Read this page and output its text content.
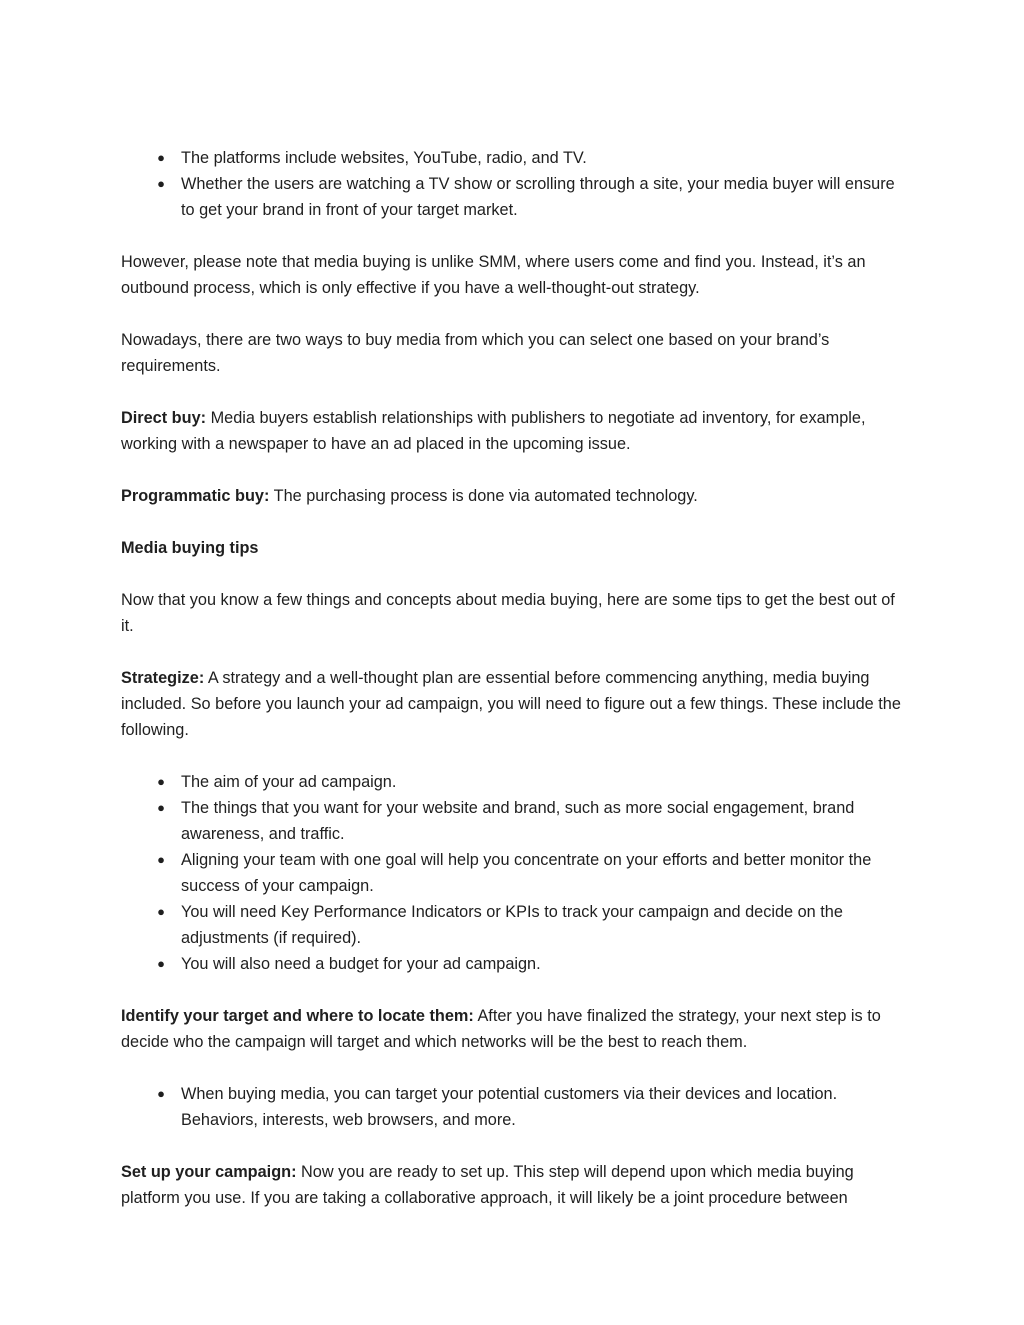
● The platforms include websites, YouTube, radio, and TV.
● Whether the users are watching a TV show or scrolling through a site, your media buyer will ensure to get your brand in front of your target market.

However, please note that media buying is unlike SMM, where users come and find you. Instead, it’s an outbound process, which is only effective if you have a well-thought-out strategy.

Nowadays, there are two ways to buy media from which you can select one based on your brand’s requirements.

Direct buy: Media buyers establish relationships with publishers to negotiate ad inventory, for example, working with a newspaper to have an ad placed in the upcoming issue.

Programmatic buy: The purchasing process is done via automated technology.

Media buying tips

Now that you know a few things and concepts about media buying, here are some tips to get the best out of it.

Strategize: A strategy and a well-thought plan are essential before commencing anything, media buying included. So before you launch your ad campaign, you will need to figure out a few things. These include the following.

● The aim of your ad campaign.
● The things that you want for your website and brand, such as more social engagement, brand awareness, and traffic.
● Aligning your team with one goal will help you concentrate on your efforts and better monitor the success of your campaign.
● You will need Key Performance Indicators or KPIs to track your campaign and decide on the adjustments (if required).
● You will also need a budget for your ad campaign.

Identify your target and where to locate them: After you have finalized the strategy, your next step is to decide who the campaign will target and which networks will be the best to reach them.

● When buying media, you can target your potential customers via their devices and location. Behaviors, interests, web browsers, and more.

Set up your campaign: Now you are ready to set up. This step will depend upon which media buying platform you use. If you are taking a collaborative approach, it will likely be a joint procedure between
